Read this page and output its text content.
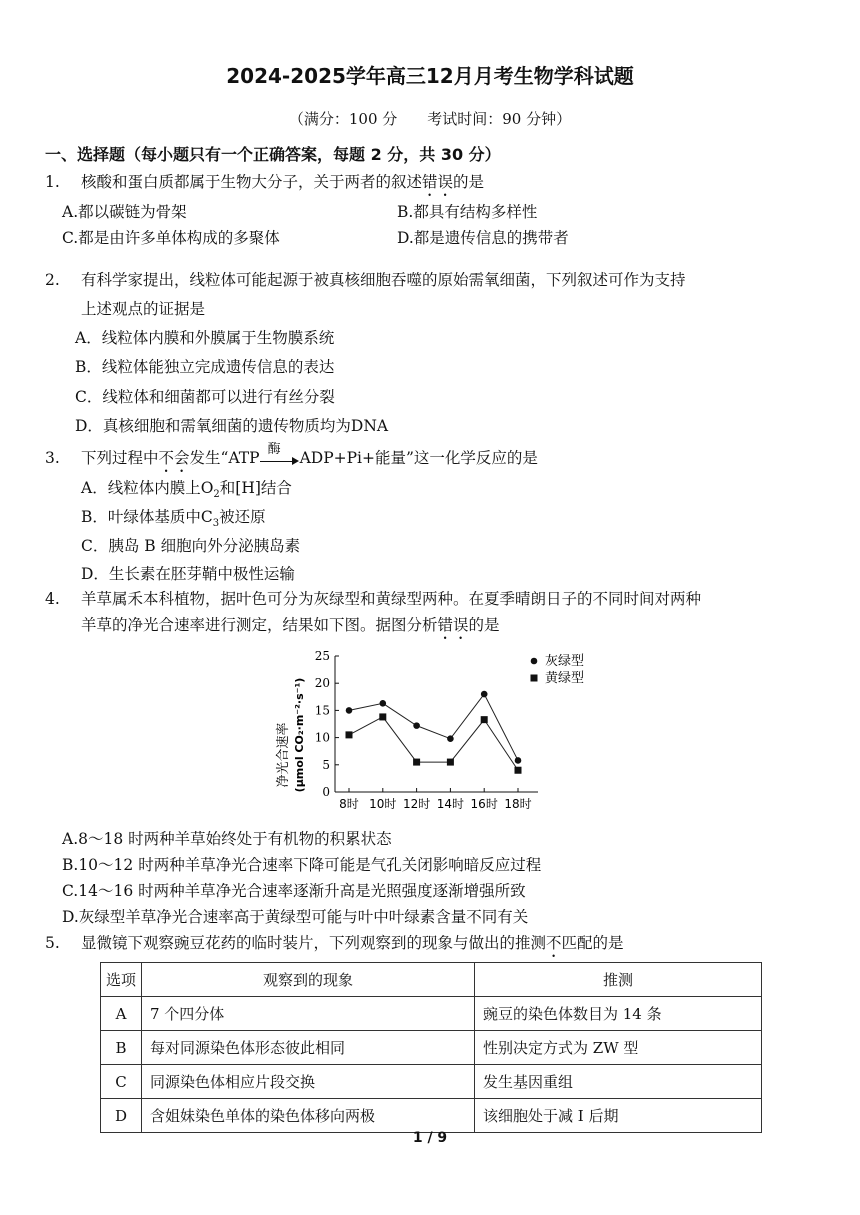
2024-2025学年高三12月月考生物学科试题
（满分：100 分　　考试时间：90 分钟）
一、选择题（每小题只有一个正确答案，每题 2 分，共 30 分）
1. 核酸和蛋白质都属于生物大分子，关于两者的叙述错误的是
A.都以碳链为骨架	B.都具有结构多样性
C.都是由许多单体构成的多聚体	D.都是遗传信息的携带者
2. 有科学家提出，线粒体可能起源于被真核细胞吞噬的原始需氧细菌，下列叙述可作为支持
上述观点的证据是
A．线粒体内膜和外膜属于生物膜系统
B．线粒体能独立完成遗传信息的表达
C．线粒体和细菌都可以进行有丝分裂
D．真核细胞和需氧细菌的遗传物质均为DNA
3. 下列过程中不会发生“ATP 酶 ADP+Pi+能量”这一化学反应的是
A．线粒体内膜上$O_2$和[H]结合
B．叶绿体基质中$C_3$被还原
C．胰岛 B 细胞向外分泌胰岛素
D．生长素在胚芽鞘中极性运输
4. 羊草属禾本科植物，据叶色可分为灰绿型和黄绿型两种。在夏季晴朗日子的不同时间对两种
羊草的净光合速率进行测定，结果如下图。据图分析错误的是
0
5
10
15
20
25
8时 10时 12时 14时 16时 18时
灰绿型
黄绿型
净光合速率 (μmol CO₂·m⁻²·s⁻¹)
A.8～18 时两种羊草始终处于有机物的积累状态
B.10～12 时两种羊草净光合速率下降可能是气孔关闭影响暗反应过程
C.14～16 时两种羊草净光合速率逐渐升高是光照强度逐渐增强所致
D.灰绿型羊草净光合速率高于黄绿型可能与叶中叶绿素含量不同有关
5. 显微镜下观察豌豆花药的临时装片，下列观察到的现象与做出的推测不匹配的是
选项	观察到的现象	推测
A	7 个四分体	豌豆的染色体数目为 14 条
B	每对同源染色体形态彼此相同	性别决定方式为 ZW 型
C	同源染色体相应片段交换	发生基因重组
D	含姐妹染色单体的染色体移向两极	该细胞处于减 I 后期
1 / 9
